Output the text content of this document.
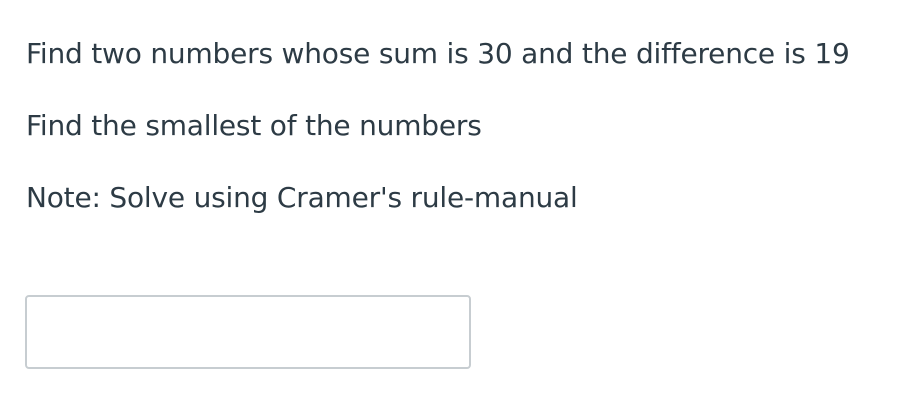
Find two numbers whose sum is 30 and the difference is 19

Find the smallest of the numbers

Note: Solve using Cramer's rule-manual
